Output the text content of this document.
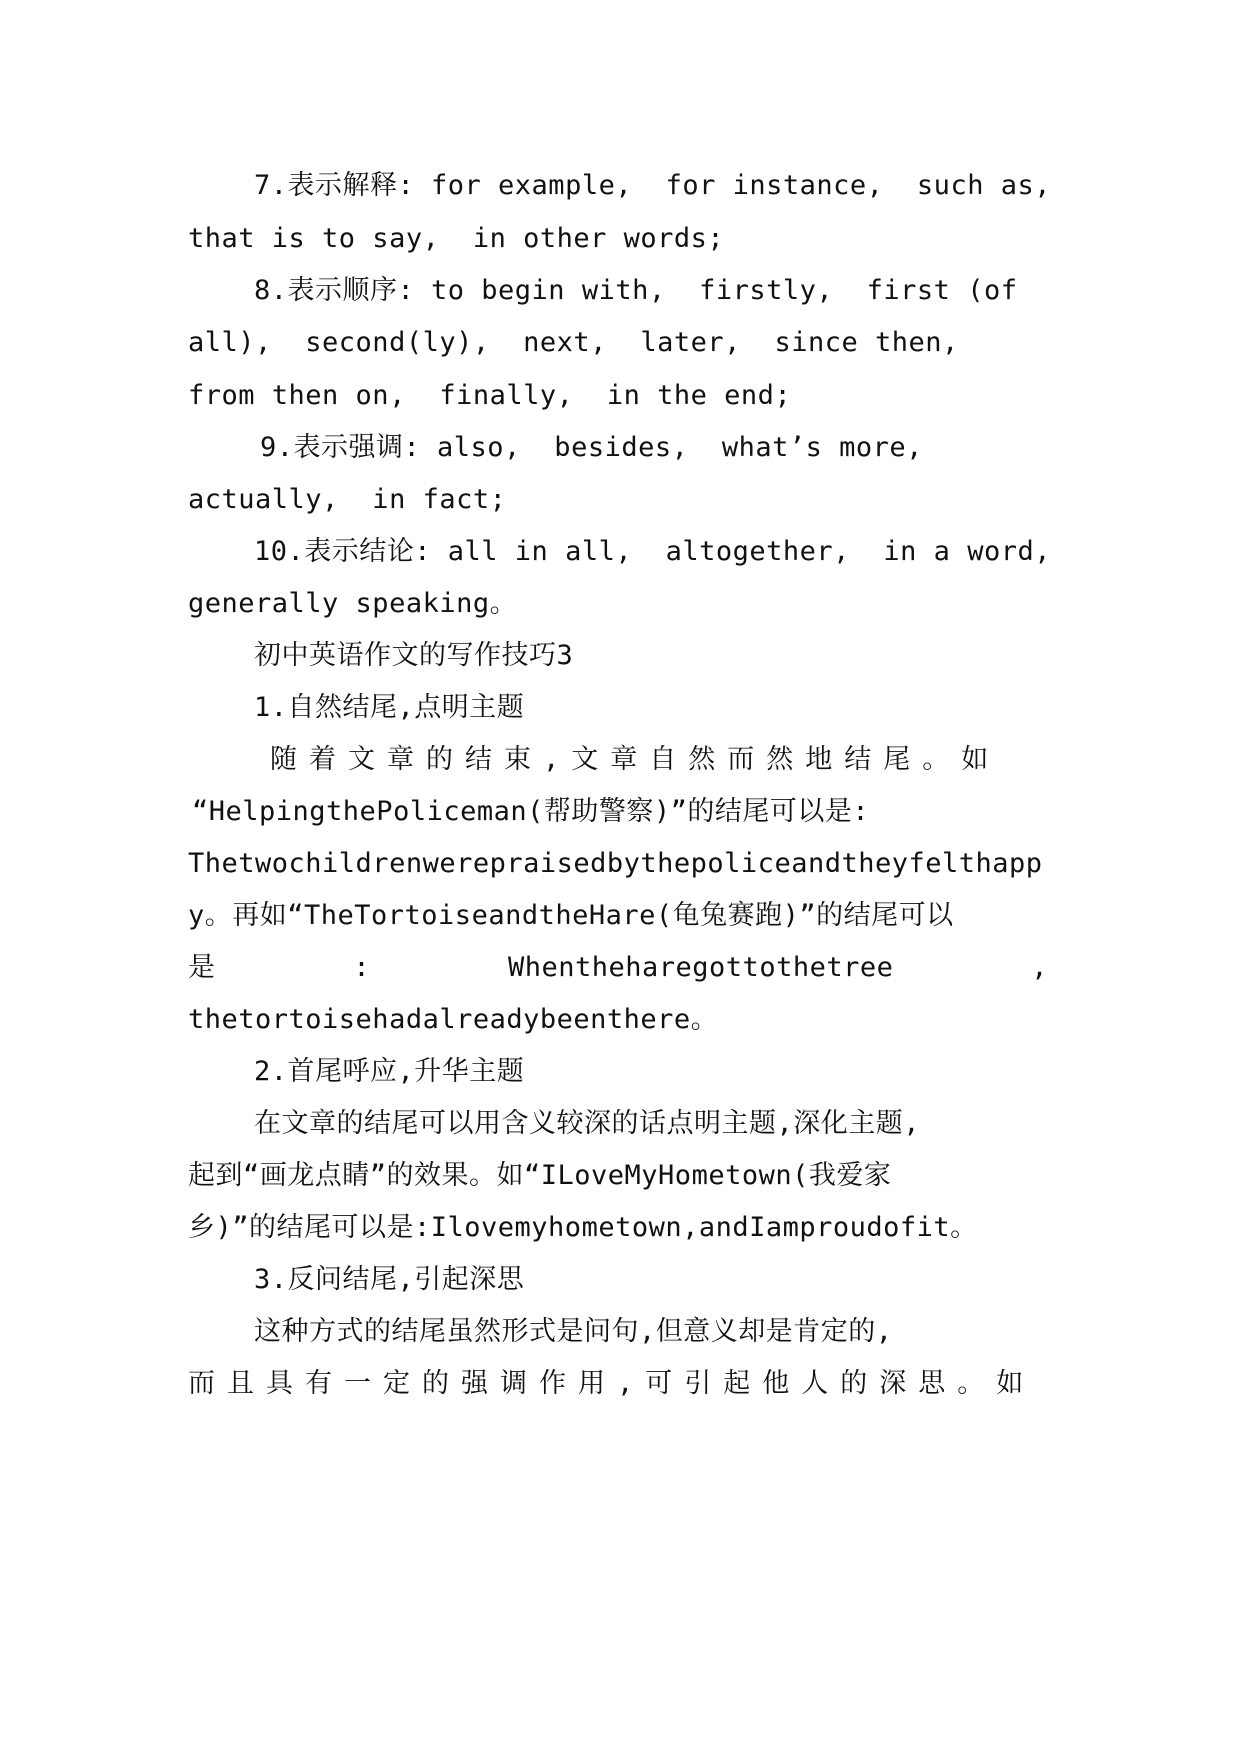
7.表示解释: for example,  for instance,  such as,
that is to say,  in other words;
8.表示顺序: to begin with,  firstly,  first (of
all),  second(ly),  next,  later,  since then,
from then on,  finally,  in the end;
9.表示强调: also,  besides,  what’s more,
actually,  in fact;
10.表示结论: all in all,  altogether,  in a word,
generally speaking。
初中英语作文的写作技巧3
1.自然结尾,点明主题
随着文章的结束,文章自然而然地结尾。如
“HelpingthePoliceman(帮助警察)”的结尾可以是:
Thetwochildrenwerepraisedbythepoliceandtheyfelthapp
y。再如“TheTortoiseandtheHare(龟兔赛跑)”的结尾可以
是	:	Whentheharegottothetree	,
thetortoisehadalreadybeenthere。
2.首尾呼应,升华主题
在文章的结尾可以用含义较深的话点明主题,深化主题,
起到“画龙点睛”的效果。如“ILoveMyHometown(我爱家
乡)”的结尾可以是:Ilovemyhometown,andIamproudofit。
3.反问结尾,引起深思
这种方式的结尾虽然形式是问句,但意义却是肯定的,
而且具有一定的强调作用,可引起他人的深思。如
